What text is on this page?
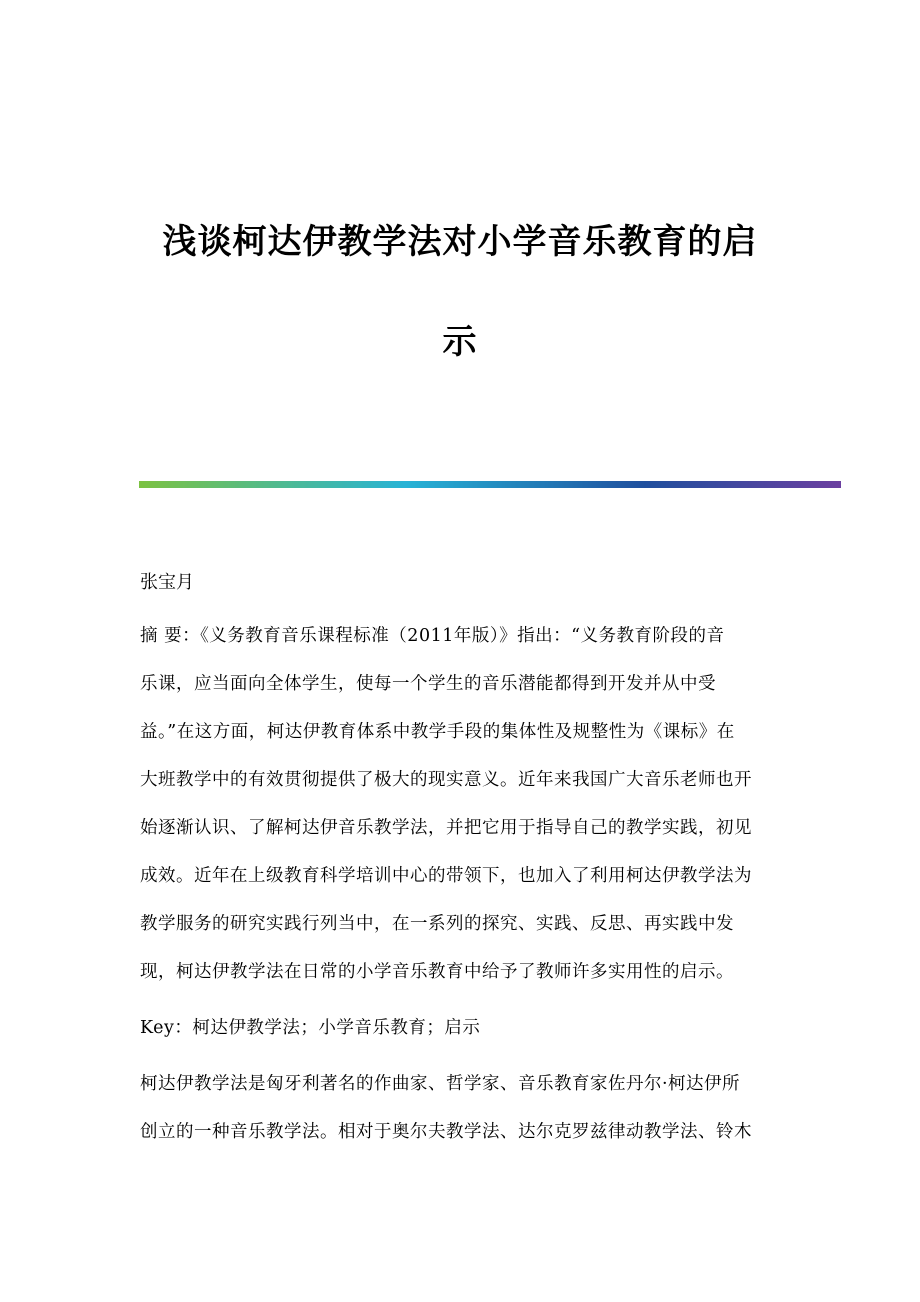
浅谈柯达伊教学法对小学音乐教育的启
示
张宝月
摘 要：《义务教育音乐课程标准（2011年版）》指出：“义务教育阶段的音
乐课，应当面向全体学生，使每一个学生的音乐潜能都得到开发并从中受
益。”在这方面，柯达伊教育体系中教学手段的集体性及规整性为《课标》在
大班教学中的有效贯彻提供了极大的现实意义。近年来我国广大音乐老师也开
始逐渐认识、了解柯达伊音乐教学法，并把它用于指导自己的教学实践，初见
成效。近年在上级教育科学培训中心的带领下，也加入了利用柯达伊教学法为
教学服务的研究实践行列当中，在一系列的探究、实践、反思、再实践中发
现，柯达伊教学法在日常的小学音乐教育中给予了教师许多实用性的启示。
Key：柯达伊教学法；小学音乐教育；启示
柯达伊教学法是匈牙利著名的作曲家、哲学家、音乐教育家佐丹尔·柯达伊所
创立的一种音乐教学法。相对于奥尔夫教学法、达尔克罗兹律动教学法、铃木
